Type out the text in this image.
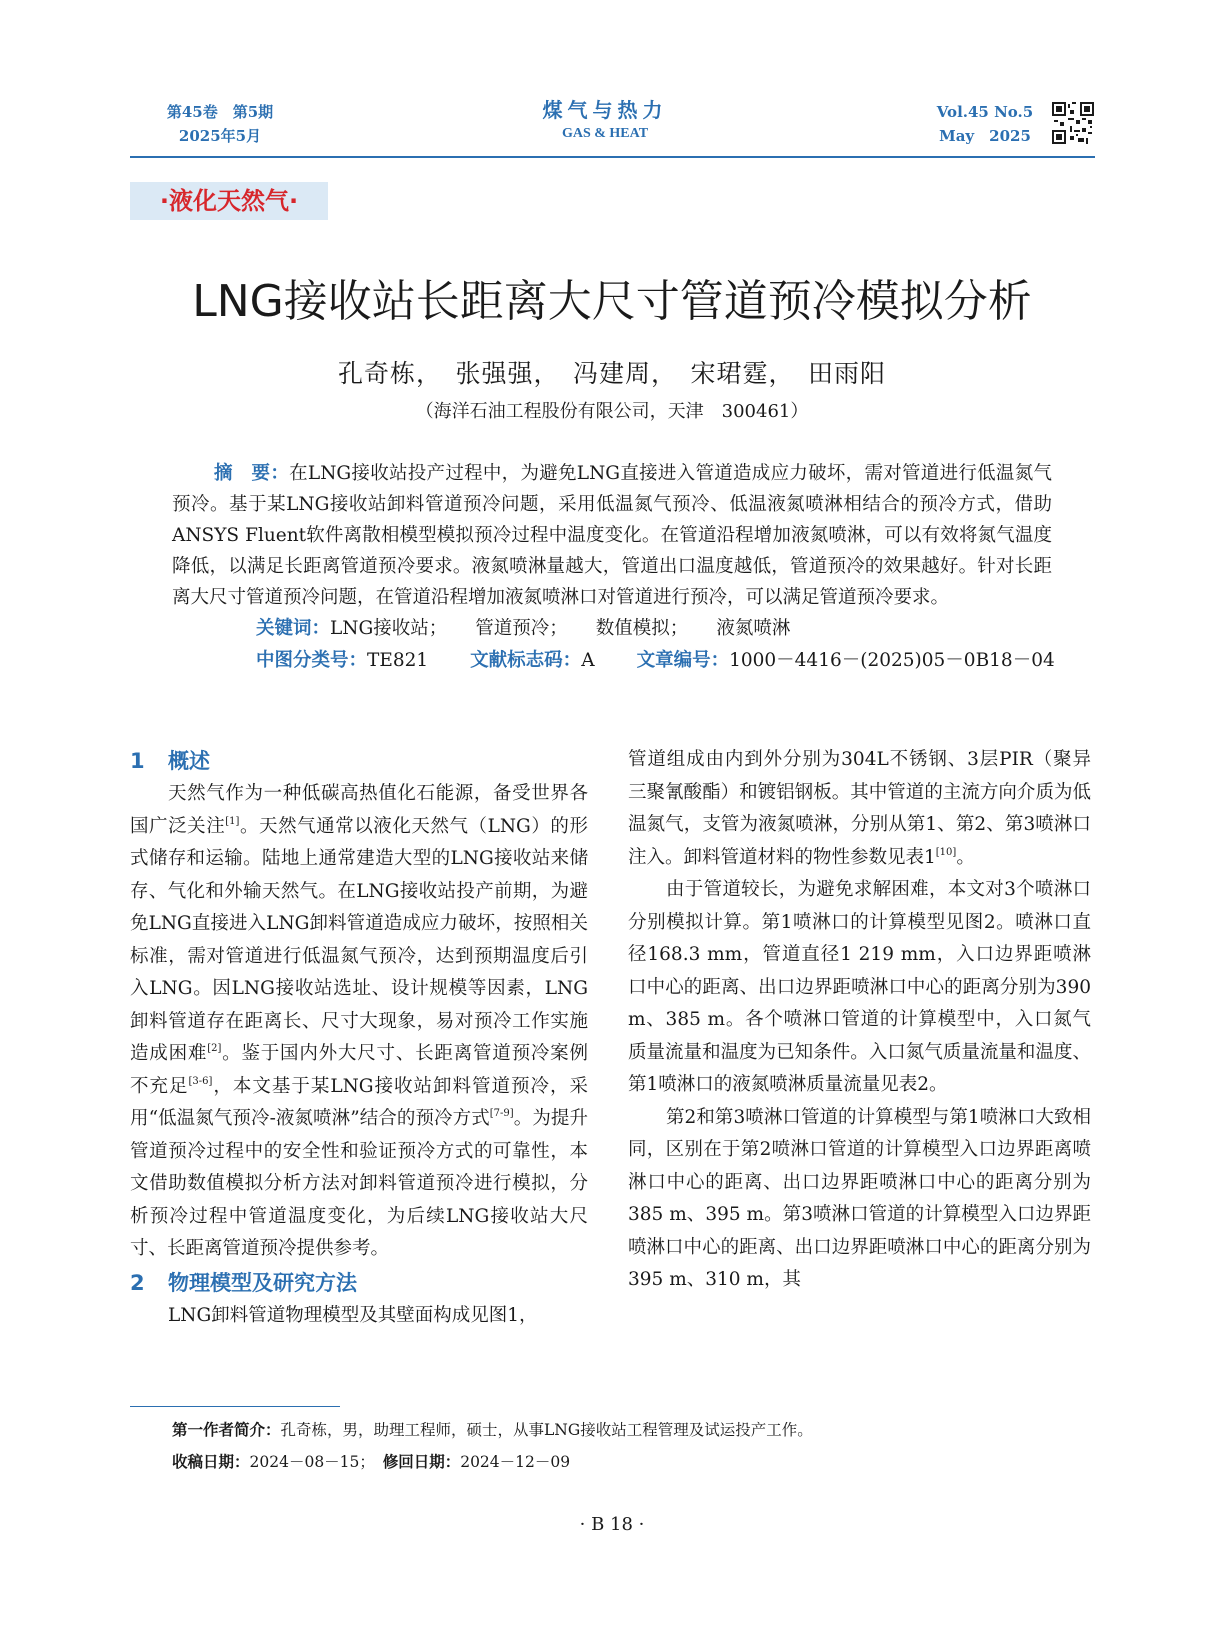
第45卷　第5期
2025年5月
煤气与热力
GAS & HEAT
Vol.45 No.5
May　2025
·液化天然气·
LNG接收站长距离大尺寸管道预冷模拟分析
孔奇栋，　张强强，　冯建周，　宋珺霆，　田雨阳
（海洋石油工程股份有限公司，天津　300461）

摘　要：在LNG接收站投产过程中，为避免LNG直接进入管道造成应力破坏，需对管道进行低温氮气预冷。基于某LNG接收站卸料管道预冷问题，采用低温氮气预冷、低温液氮喷淋相结合的预冷方式，借助ANSYS Fluent软件离散相模型模拟预冷过程中温度变化。在管道沿程增加液氮喷淋，可以有效将氮气温度降低，以满足长距离管道预冷要求。液氮喷淋量越大，管道出口温度越低，管道预冷的效果越好。针对长距离大尺寸管道预冷问题，在管道沿程增加液氮喷淋口对管道进行预冷，可以满足管道预冷要求。

关键词：LNG接收站； 管道预冷； 数值模拟； 液氮喷淋

中图分类号：TE821 文献标志码：A 文章编号：1000－4416－(2025)05－0B18－04

1 概述

天然气作为一种低碳高热值化石能源，备受世界各国广泛关注[1]。天然气通常以液化天然气（LNG）的形式储存和运输。陆地上通常建造大型的LNG接收站来储存、气化和外输天然气。在LNG接收站投产前期，为避免LNG直接进入LNG卸料管道造成应力破坏，按照相关标准，需对管道进行低温氮气预冷，达到预期温度后引入LNG。因LNG接收站选址、设计规模等因素，LNG卸料管道存在距离长、尺寸大现象，易对预冷工作实施造成困难[2]。鉴于国内外大尺寸、长距离管道预冷案例不充足[3-6]，本文基于某LNG接收站卸料管道预冷，采用“低温氮气预冷-液氮喷淋”结合的预冷方式[7-9]。为提升管道预冷过程中的安全性和验证预冷方式的可靠性，本文借助数值模拟分析方法对卸料管道预冷进行模拟，分析预冷过程中管道温度变化，为后续LNG接收站大尺寸、长距离管道预冷提供参考。

2 物理模型及研究方法

LNG卸料管道物理模型及其壁面构成见图1，

管道组成由内到外分别为304L不锈钢、3层PIR（聚异三聚氰酸酯）和镀铝钢板。其中管道的主流方向介质为低温氮气，支管为液氮喷淋，分别从第1、第2、第3喷淋口注入。卸料管道材料的物性参数见表1[10]。

由于管道较长，为避免求解困难，本文对3个喷淋口分别模拟计算。第1喷淋口的计算模型见图2。喷淋口直径168.3 mm，管道直径1 219 mm，入口边界距喷淋口中心的距离、出口边界距喷淋口中心的距离分别为390 m、385 m。各个喷淋口管道的计算模型中，入口氮气质量流量和温度为已知条件。入口氮气质量流量和温度、第1喷淋口的液氮喷淋质量流量见表2。

第2和第3喷淋口管道的计算模型与第1喷淋口大致相同，区别在于第2喷淋口管道的计算模型入口边界距离喷淋口中心的距离、出口边界距喷淋口中心的距离分别为385 m、395 m。第3喷淋口管道的计算模型入口边界距喷淋口中心的距离、出口边界距喷淋口中心的距离分别为395 m、310 m，其

第一作者简介：孔奇栋，男，助理工程师，硕士，从事LNG接收站工程管理及试运投产工作。

收稿日期：2024－08－15；　 修回日期：2024－12－09

· B 18 ·
